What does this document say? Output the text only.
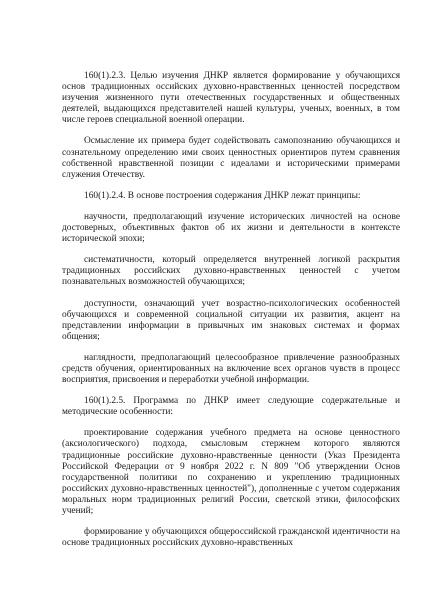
160(1).2.3. Целью изучения ДНКР является формирование у обучающихся основ традиционных оссийских духовно-нравственных ценностей посредством изучения жизненного пути отечественных государственных и общественных деятелей, выдающихся представителей нашей культуры, ученых, военных, в том числе героев специальной военной операции.

Осмысление их примера будет содействовать самопознанию обучающихся и сознательному определению ими своих ценностных ориентиров путем сравнения собственной нравственной позиции с идеалами и историческими примерами служения Отечеству.

160(1).2.4. В основе построения содержания ДНКР лежат принципы:

научности, предполагающий изучение исторических личностей на основе достоверных, объективных фактов об их жизни и деятельности в контексте исторической эпохи;

систематичности, который определяется внутренней логикой раскрытия традиционных российских духовно-нравственных ценностей с учетом познавательных возможностей обучающихся;

доступности, означающий учет возрастно-психологических особенностей обучающихся и современной социальной ситуации их развития, акцент на представлении информации в привычных им знаковых системах и формах общения;

наглядности, предполагающий целесообразное привлечение разнообразных средств обучения, ориентированных на включение всех органов чувств в процесс восприятия, присвоения и переработки учебной информации.

160(1).2.5. Программа по ДНКР имеет следующие содержательные и методические особенности:

проектирование содержания учебного предмета на основе ценностного (аксиологического) подхода, смысловым стержнем которого являются традиционные российские духовно-нравственные ценности (Указ Президента Российской Федерации от 9 ноября 2022 г. N 809 "Об утверждении Основ государственной политики по сохранению и укреплению традиционных российских духовно-нравственных ценностей"), дополненные с учетом содержания моральных норм традиционных религий России, светской этики, философских учений;

формирование у обучающихся общероссийской гражданской идентичности на основе традиционных российских духовно-нравственных
